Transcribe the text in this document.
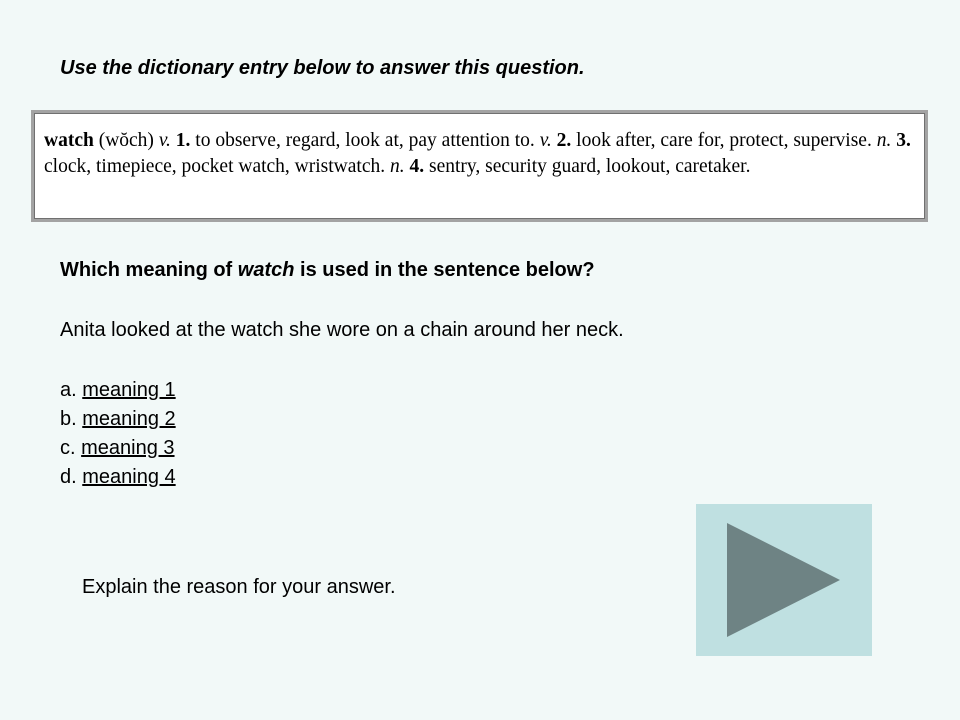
Use the dictionary entry below to answer this question.
watch (wŏch) v. 1. to observe, regard, look at, pay attention to. v. 2. look after, care for, protect, supervise. n. 3. clock, timepiece, pocket watch, wristwatch. n. 4. sentry, security guard, lookout, caretaker.
Which meaning of watch is used in the sentence below?
Anita looked at the watch she wore on a chain around her neck.
a. meaning 1
b. meaning 2
c. meaning 3
d. meaning 4
Explain the reason for your answer.
